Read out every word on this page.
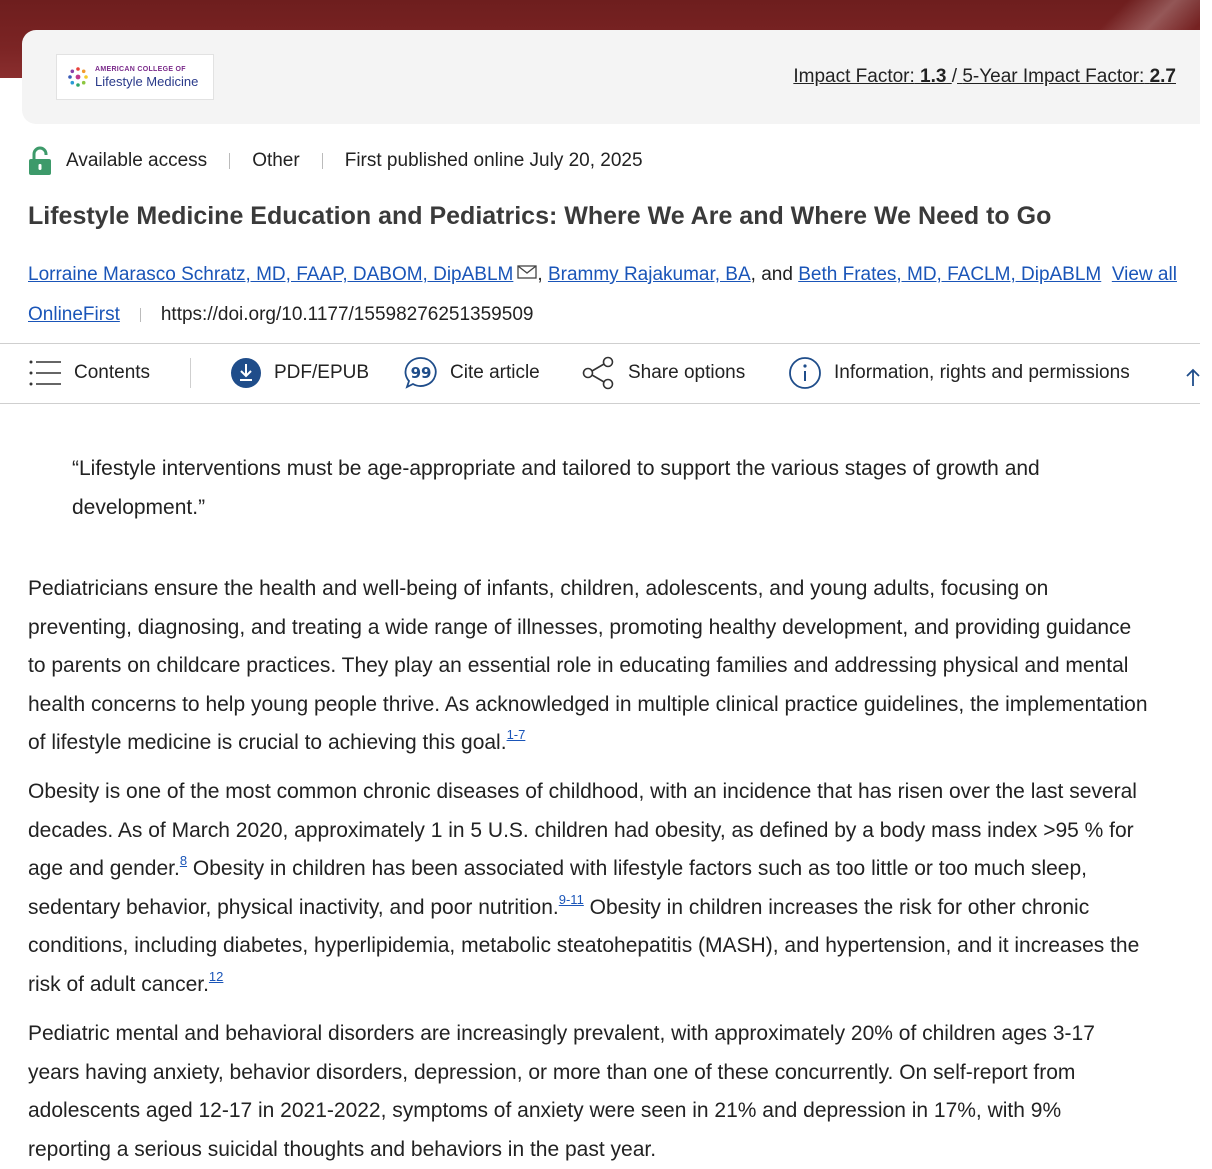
AMERICAN COLLEGE OF
Lifestyle Medicine	Impact Factor: 1.3 / 5-Year Impact Factor: 2.7
Available access Other First published online July 20, 2025
Lifestyle Medicine Education and Pediatrics: Where We Are and Where We Need to Go
Lorraine Marasco Schratz, MD, FAAP, DABOM, DipABLM , Brammy Rajakumar, BA, and Beth Frates, MD, FACLM, DipABLM View all
OnlineFirst https://doi.org/10.1177/15598276251359509
Contents	PDF/EPUB	99 Cite article	Share options	Information, rights and permissions
“Lifestyle interventions must be age-appropriate and tailored to support the various stages of growth and development.”

Pediatricians ensure the health and well-being of infants, children, adolescents, and young adults, focusing on preventing, diagnosing, and treating a wide range of illnesses, promoting healthy development, and providing guidance to parents on childcare practices. They play an essential role in educating families and addressing physical and mental health concerns to help young people thrive. As acknowledged in multiple clinical practice guidelines, the implementation of lifestyle medicine is crucial to achieving this goal.$^{1-7}$

Obesity is one of the most common chronic diseases of childhood, with an incidence that has risen over the last several decades. As of March 2020, approximately 1 in 5 U.S. children had obesity, as defined by a body mass index >95 % for age and gender.$^8$ Obesity in children has been associated with lifestyle factors such as too little or too much sleep, sedentary behavior, physical inactivity, and poor nutrition.$^{9-11}$ Obesity in children increases the risk for other chronic conditions, including diabetes, hyperlipidemia, metabolic steatohepatitis (MASH), and hypertension, and it increases the risk of adult cancer.$^{12}$

Pediatric mental and behavioral disorders are increasingly prevalent, with approximately 20% of children ages 3-17 years having anxiety, behavior disorders, depression, or more than one of these concurrently. On self-report from adolescents aged 12-17 in 2021-2022, symptoms of anxiety were seen in 21% and depression in 17%, with 9% reporting a serious suicidal thoughts and behaviors in the past year.
